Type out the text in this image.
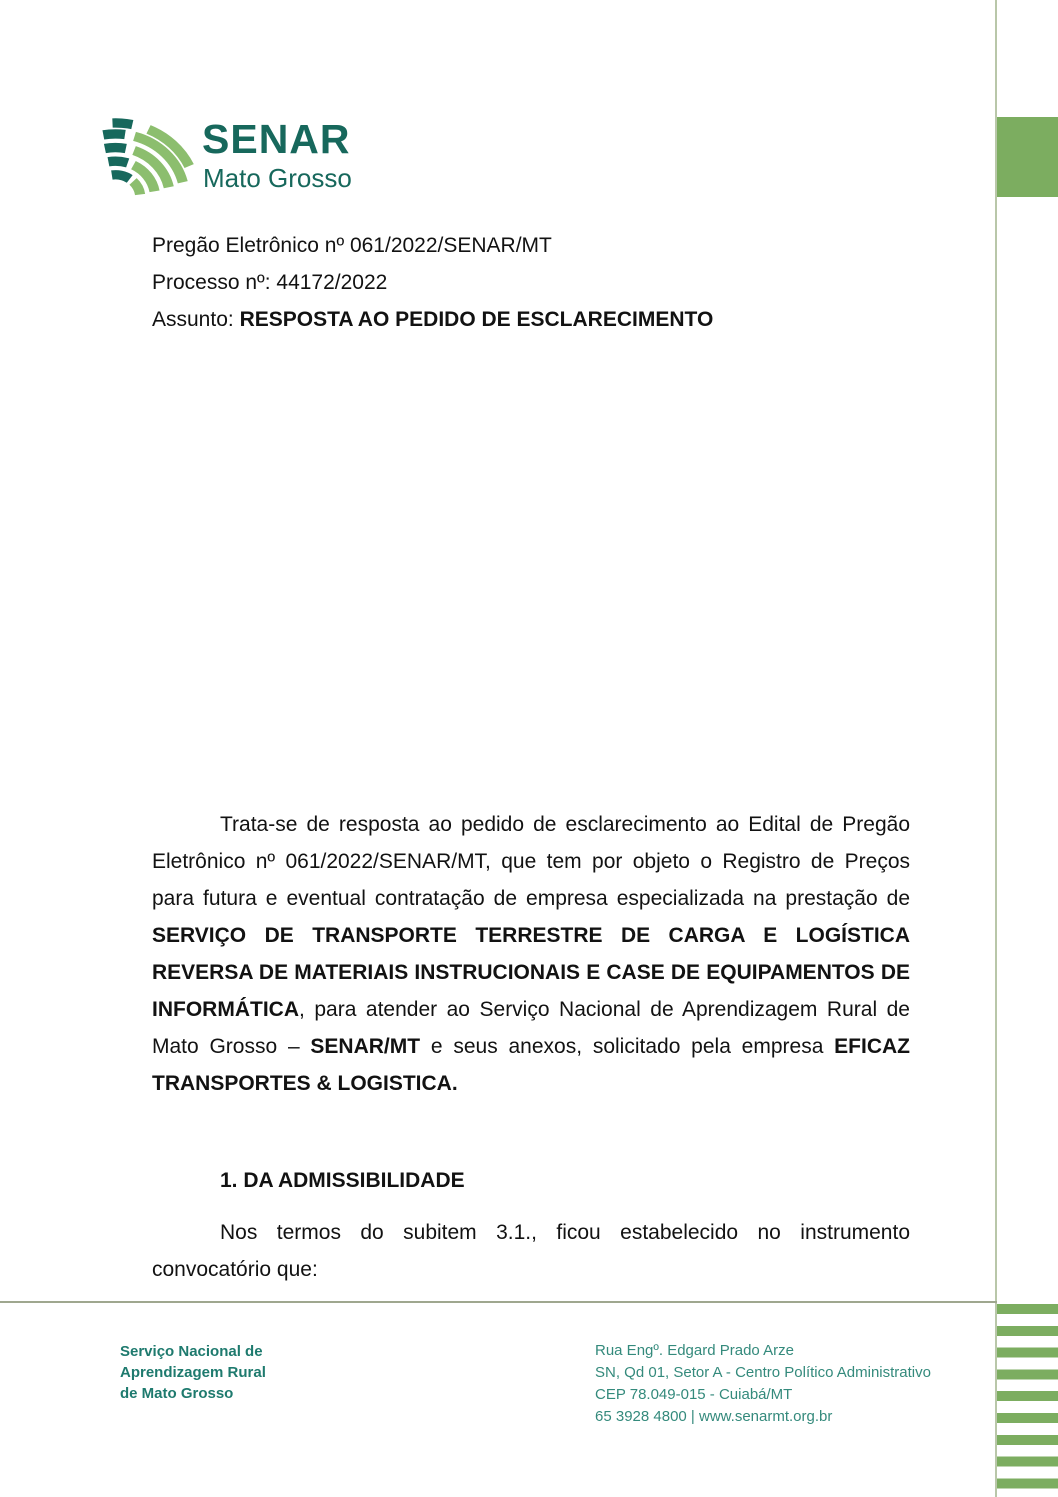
SENAR
Mato Grosso
Pregão Eletrônico nº 061/2022/SENAR/MT
Processo nº: 44172/2022
Assunto: RESPOSTA AO PEDIDO DE ESCLARECIMENTO
Trata-se de resposta ao pedido de esclarecimento ao Edital de Pregão Eletrônico nº 061/2022/SENAR/MT, que tem por objeto o Registro de Preços para futura e eventual contratação de empresa especializada na prestação de SERVIÇO DE TRANSPORTE TERRESTRE DE CARGA E LOGÍSTICA REVERSA DE MATERIAIS INSTRUCIONAIS E CASE DE EQUIPAMENTOS DE INFORMÁTICA, para atender ao Serviço Nacional de Aprendizagem Rural de Mato Grosso – SENAR/MT e seus anexos, solicitado pela empresa EFICAZ TRANSPORTES & LOGISTICA.
1. DA ADMISSIBILIDADE
Nos termos do subitem 3.1., ficou estabelecido no instrumento convocatório que:
Serviço Nacional de
Aprendizagem Rural
de Mato Grosso
Rua Engº. Edgard Prado Arze
SN, Qd 01, Setor A - Centro Político Administrativo
CEP 78.049-015 - Cuiabá/MT
65 3928 4800 | www.senarmt.org.br
